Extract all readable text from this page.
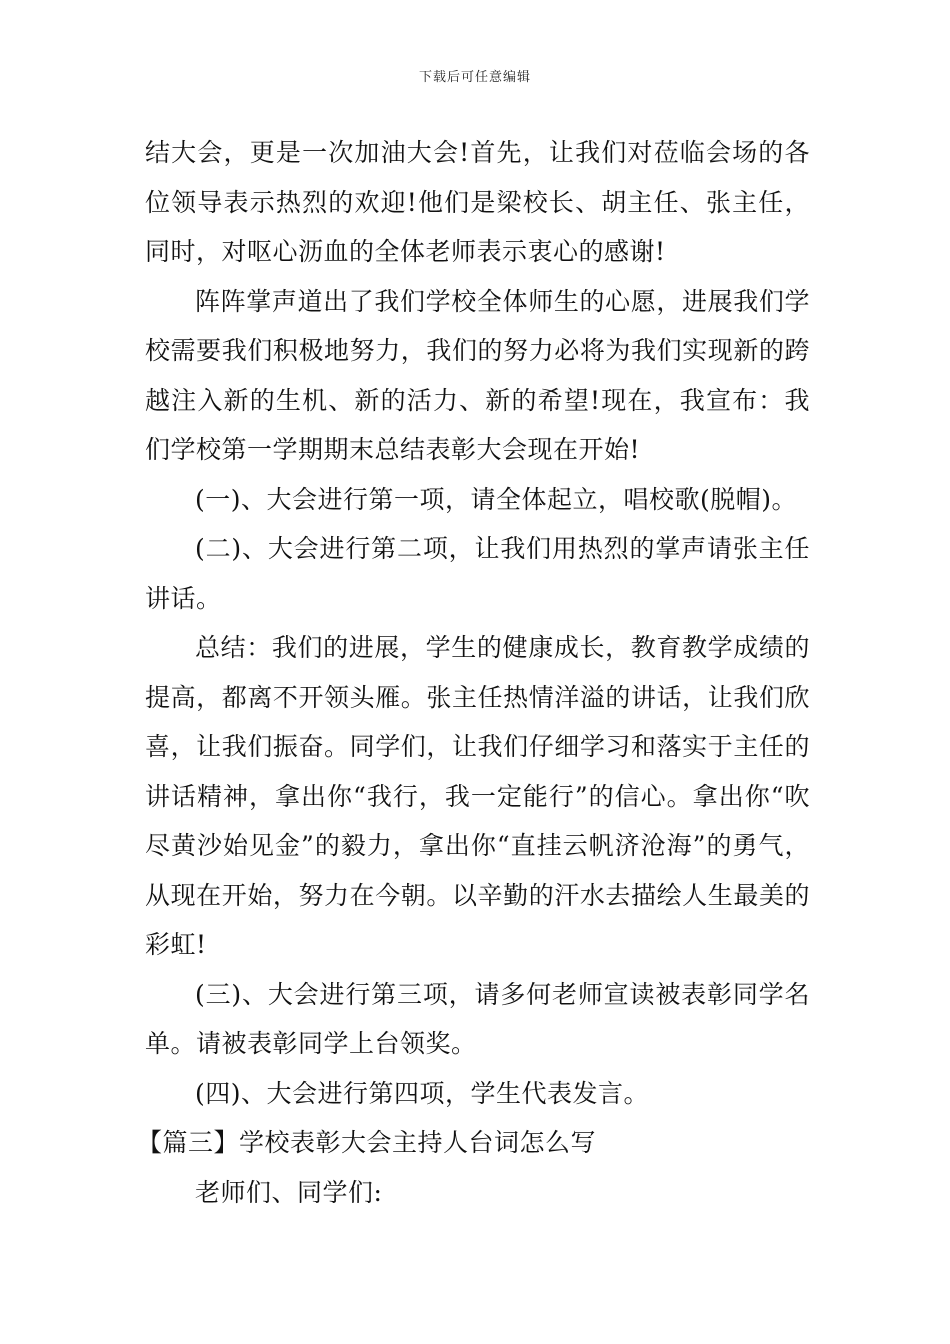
下载后可任意编辑

结大会，更是一次加油大会!首先，让我们对莅临会场的各位领导表示热烈的欢迎!他们是梁校长、胡主任、张主任，同时，对呕心沥血的全体老师表示衷心的感谢!

阵阵掌声道出了我们学校全体师生的心愿，进展我们学校需要我们积极地努力，我们的努力必将为我们实现新的跨越注入新的生机、新的活力、新的希望!现在，我宣布：我们学校第一学期期末总结表彰大会现在开始!

(一)、大会进行第一项，请全体起立，唱校歌(脱帽)。

(二)、大会进行第二项，让我们用热烈的掌声请张主任讲话。

总结：我们的进展，学生的健康成长，教育教学成绩的提高，都离不开领头雁。张主任热情洋溢的讲话，让我们欣喜，让我们振奋。同学们，让我们仔细学习和落实于主任的讲话精神，拿出你“我行，我一定能行”的信心。拿出你“吹尽黄沙始见金”的毅力，拿出你“直挂云帆济沧海”的勇气，从现在开始，努力在今朝。以辛勤的汗水去描绘人生最美的彩虹!

(三)、大会进行第三项，请多何老师宣读被表彰同学名单。请被表彰同学上台领奖。

(四)、大会进行第四项，学生代表发言。

【篇三】学校表彰大会主持人台词怎么写

老师们、同学们:
